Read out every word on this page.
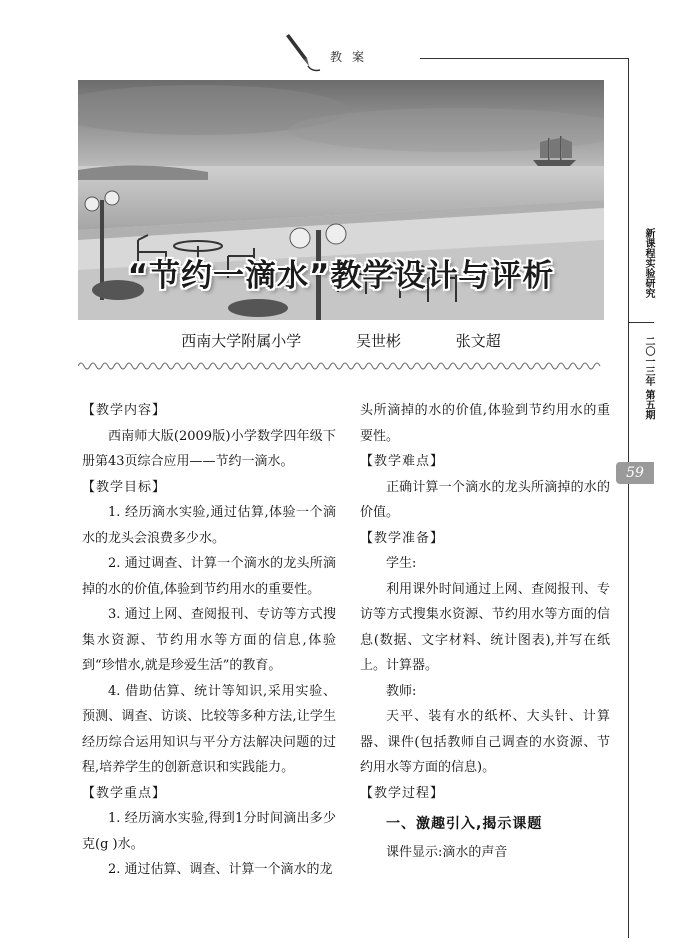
教案
“节约一滴水”教学设计与评析
西南大学附属小学	吴世彬	张文超

【教学内容】

西南师大版(2009版)小学数学四年级下册第43页综合应用——节约一滴水。

【教学目标】

1. 经历滴水实验,通过估算,体验一个滴水的龙头会浪费多少水。

2. 通过调查、计算一个滴水的龙头所滴掉的水的价值,体验到节约用水的重要性。

3. 通过上网、查阅报刊、专访等方式搜集水资源、节约用水等方面的信息,体验到“珍惜水,就是珍爱生活”的教育。

4. 借助估算、统计等知识,采用实验、预测、调查、访谈、比较等多种方法,让学生经历综合运用知识与平分方法解决问题的过程,培养学生的创新意识和实践能力。

【教学重点】

1. 经历滴水实验,得到1分时间滴出多少克(g )水。

2. 通过估算、调查、计算一个滴水的龙

头所滴掉的水的价值,体验到节约用水的重要性。

【教学难点】

正确计算一个滴水的龙头所滴掉的水的价值。

【教学准备】

学生:

利用课外时间通过上网、查阅报刊、专访等方式搜集水资源、节约用水等方面的信息(数据、文字材料、统计图表),并写在纸上。计算器。

教师:

天平、装有水的纸杯、大头针、计算器、课件(包括教师自己调查的水资源、节约用水等方面的信息)。

【教学过程】

一、激趣引入,揭示课题

课件显示:滴水的声音

新课程实验研究
二〇一三年 第五期
59
